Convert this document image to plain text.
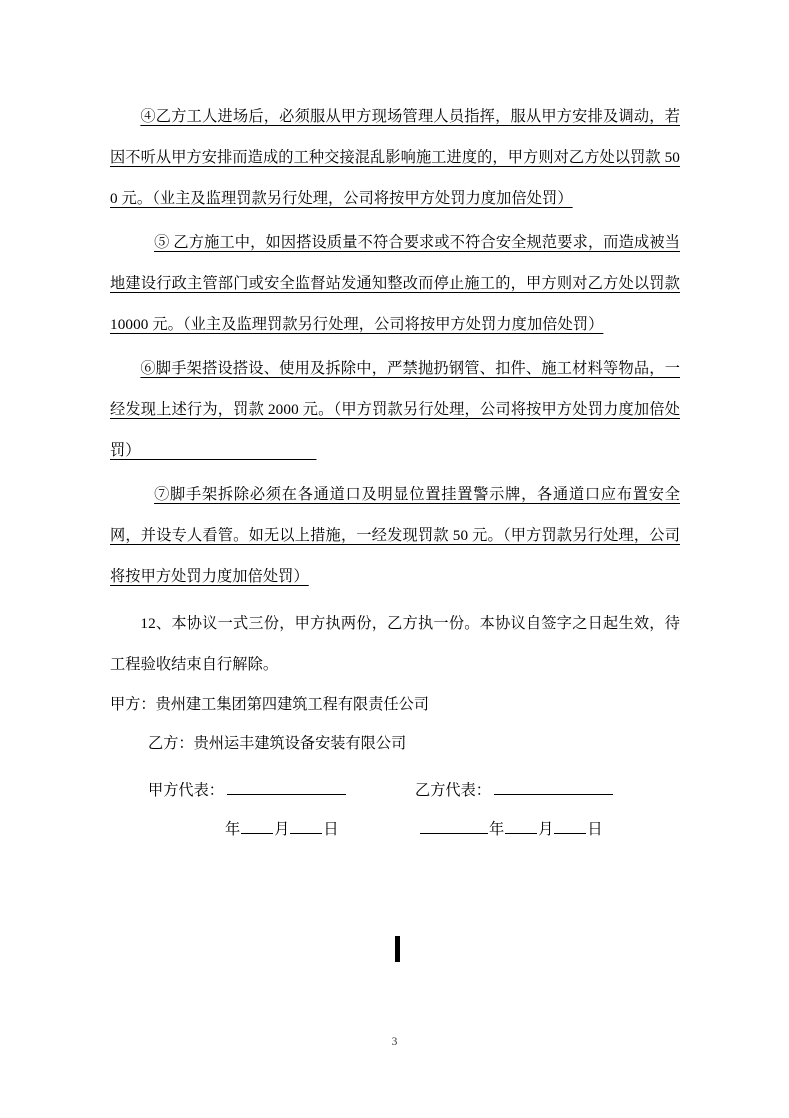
④乙方工人进场后，必须服从甲方现场管理人员指挥，服从甲方安排及调动，若因不听从甲方安排而造成的工种交接混乱影响施工进度的，甲方则对乙方处以罚款 500 元。（业主及监理罚款另行处理，公司将按甲方处罚力度加倍处罚）

⑤ 乙方施工中，如因搭设质量不符合要求或不符合安全规范要求，而造成被当地建设行政主管部门或安全监督站发通知整改而停止施工的，甲方则对乙方处以罚款 10000 元。（业主及监理罚款另行处理，公司将按甲方处罚力度加倍处罚）

⑥脚手架搭设搭设、使用及拆除中，严禁抛扔钢管、扣件、施工材料等物品，一经发现上述行为，罚款 2000 元。（甲方罚款另行处理，公司将按甲方处罚力度加倍处罚）　　　　　　　　　　　　

⑦脚手架拆除必须在各通道口及明显位置挂置警示牌，各通道口应布置安全网，并设专人看管。如无以上措施，一经发现罚款 50 元。（甲方罚款另行处理，公司将按甲方处罚力度加倍处罚）

12、本协议一式三份，甲方执两份，乙方执一份。本协议自签字之日起生效，待工程验收结束自行解除。

甲方：贵州建工集团第四建筑工程有限责任公司

乙方：贵州运丰建筑设备安装有限公司

甲方代表：	乙方代表：
年 月 日	年 月 日
3
